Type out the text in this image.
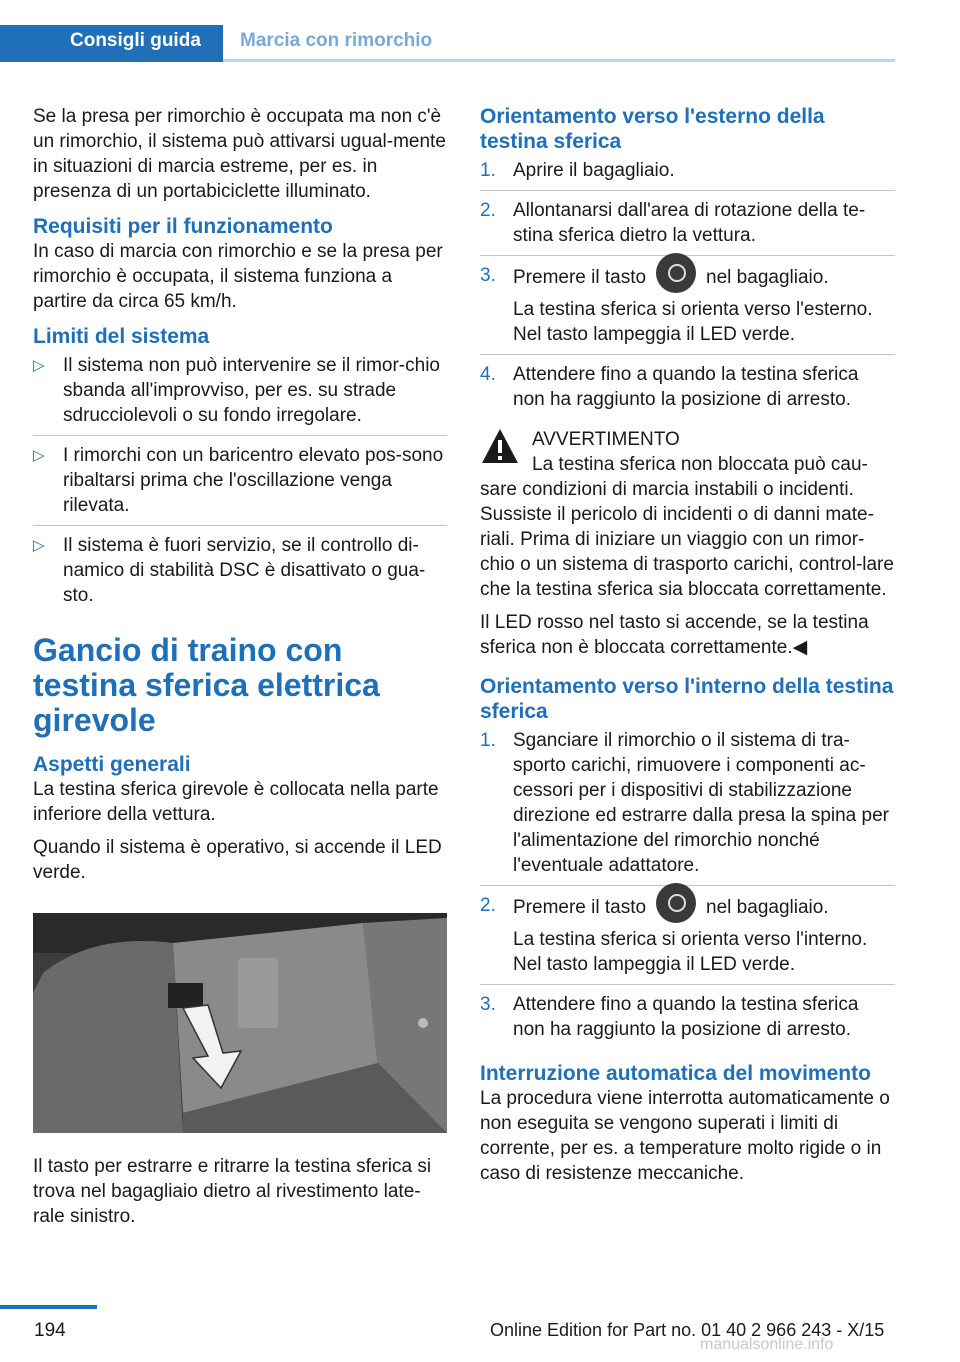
Consigli guida Marcia con rimorchio

Se la presa per rimorchio è occupata ma non c'è un rimorchio, il sistema può attivarsi ugual-mente in situazioni di marcia estreme, per es. in presenza di un portabiciclette illuminato.

Requisiti per il funzionamento

In caso di marcia con rimorchio e se la presa per rimorchio è occupata, il sistema funziona a partire da circa 65 km/h.

Limiti del sistema
▷ Il sistema non può intervenire se il rimor-chio sbanda all'improvviso, per es. su strade sdrucciolevoli o su fondo irregolare.
▷ I rimorchi con un baricentro elevato pos-sono ribaltarsi prima che l'oscillazione venga rilevata.
▷ Il sistema è fuori servizio, se il controllo di-namico di stabilità DSC è disattivato o gua-sto.
Gancio di traino con testina sferica elettrica girevole
Aspetti generali

La testina sferica girevole è collocata nella parte inferiore della vettura.

Quando il sistema è operativo, si accende il LED verde.

Il tasto per estrarre e ritrarre la testina sferica si trova nel bagagliaio dietro al rivestimento late-rale sinistro.

Orientamento verso l'esterno della testina sferica
1. Aprire il bagagliaio.
2. Allontanarsi dall'area di rotazione della te-stina sferica dietro la vettura.
3. Premere il tasto	nel bagagliaio.
La testina sferica si orienta verso l'esterno. Nel tasto lampeggia il LED verde.
4. Attendere fino a quando la testina sferica non ha raggiunto la posizione di arresto.
AVVERTIMENTO
La testina sferica non bloccata può cau-sare condizioni di marcia instabili o incidenti. Sussiste il pericolo di incidenti o di danni mate-riali. Prima di iniziare un viaggio con un rimor-chio o un sistema di trasporto carichi, control-lare che la testina sferica sia bloccata correttamente.

Il LED rosso nel tasto si accende, se la testina sferica non è bloccata correttamente.◀

Orientamento verso l'interno della testina sferica
1. Sganciare il rimorchio o il sistema di tra-sporto carichi, rimuovere i componenti ac-cessori per i dispositivi di stabilizzazione direzione ed estrarre dalla presa la spina per l'alimentazione del rimorchio nonché l'eventuale adattatore.
2. Premere il tasto	nel bagagliaio.
La testina sferica si orienta verso l'interno. Nel tasto lampeggia il LED verde.
3. Attendere fino a quando la testina sferica non ha raggiunto la posizione di arresto.
Interruzione automatica del movimento

La procedura viene interrotta automaticamente o non eseguita se vengono superati i limiti di corrente, per es. a temperature molto rigide o in caso di resistenze meccaniche.

194	Online Edition for Part no. 01 40 2 966 243 - X/15
manualsonline.info
